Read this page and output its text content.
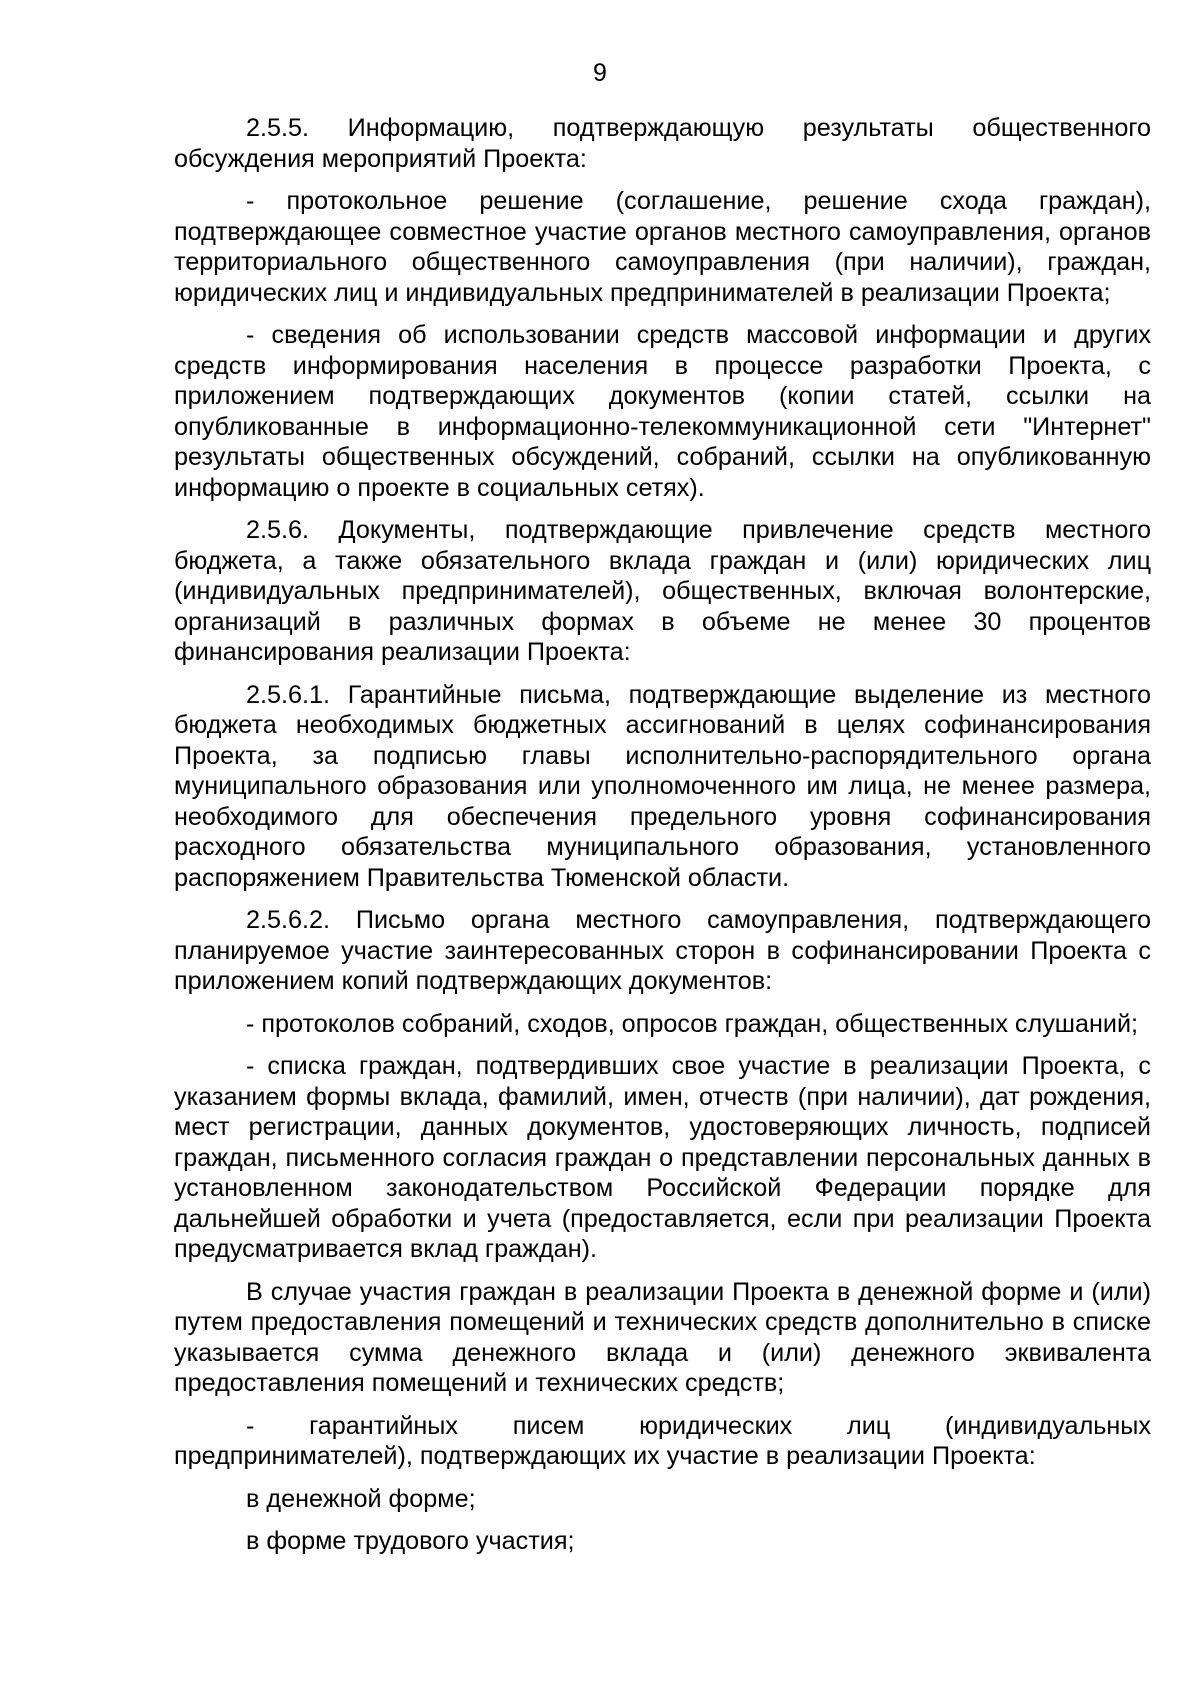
9

2.5.5. Информацию, подтверждающую результаты общественного обсуждения мероприятий Проекта:

- протокольное решение (соглашение, решение схода граждан), подтверждающее совместное участие органов местного самоуправления, органов территориального общественного самоуправления (при наличии), граждан, юридических лиц и индивидуальных предпринимателей в реализации Проекта;

- сведения об использовании средств массовой информации и других средств информирования населения в процессе разработки Проекта, с приложением подтверждающих документов (копии статей, ссылки на опубликованные в информационно-телекоммуникационной сети "Интернет" результаты общественных обсуждений, собраний, ссылки на опубликованную информацию о проекте в социальных сетях).

2.5.6. Документы, подтверждающие привлечение средств местного бюджета, а также обязательного вклада граждан и (или) юридических лиц (индивидуальных предпринимателей), общественных, включая волонтерские, организаций в различных формах в объеме не менее 30 процентов финансирования реализации Проекта:

2.5.6.1. Гарантийные письма, подтверждающие выделение из местного бюджета необходимых бюджетных ассигнований в целях софинансирования Проекта, за подписью главы исполнительно-распорядительного органа муниципального образования или уполномоченного им лица, не менее размера, необходимого для обеспечения предельного уровня софинансирования расходного обязательства муниципального образования, установленного распоряжением Правительства Тюменской области.

2.5.6.2. Письмо органа местного самоуправления, подтверждающего планируемое участие заинтересованных сторон в софинансировании Проекта с приложением копий подтверждающих документов:

- протоколов собраний, сходов, опросов граждан, общественных слушаний;

- списка граждан, подтвердивших свое участие в реализации Проекта, с указанием формы вклада, фамилий, имен, отчеств (при наличии), дат рождения, мест регистрации, данных документов, удостоверяющих личность, подписей граждан, письменного согласия граждан о представлении персональных данных в установленном законодательством Российской Федерации порядке для дальнейшей обработки и учета (предоставляется, если при реализации Проекта предусматривается вклад граждан).

В случае участия граждан в реализации Проекта в денежной форме и (или) путем предоставления помещений и технических средств дополнительно в списке указывается сумма денежного вклада и (или) денежного эквивалента предоставления помещений и технических средств;

- гарантийных писем юридических лиц (индивидуальных предпринимателей), подтверждающих их участие в реализации Проекта:

в денежной форме;

в форме трудового участия;
